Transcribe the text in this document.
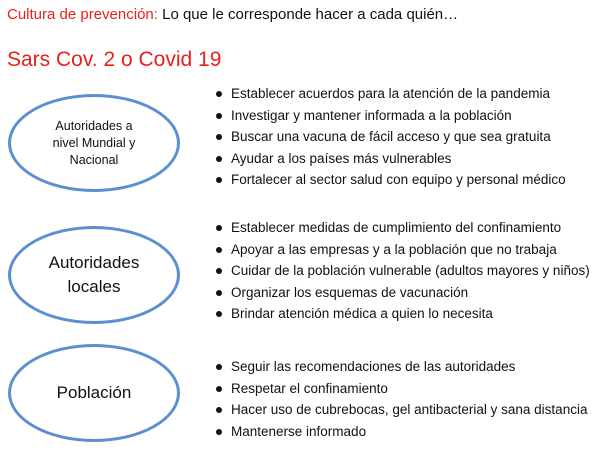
Cultura de prevención: Lo que le corresponde hacer a cada quién…
Sars Cov. 2 o Covid 19
Autoridades a
nivel Mundial y
Nacional
Establecer acuerdos para la atención de la pandemia
Investigar y mantener informada a la población
Buscar una vacuna de fácil acceso y que sea gratuita
Ayudar a los países más vulnerables
Fortalecer al sector salud con equipo y personal médico
Autoridades
locales
Establecer medidas de cumplimiento del confinamiento
Apoyar a las empresas y a la población que no trabaja
Cuidar de la población vulnerable (adultos mayores y niños)
Organizar los esquemas de vacunación
Brindar atención médica a quien lo necesita
Población
Seguir las recomendaciones de las autoridades
Respetar el confinamiento
Hacer uso de cubrebocas, gel antibacterial y sana distancia
Mantenerse informado
